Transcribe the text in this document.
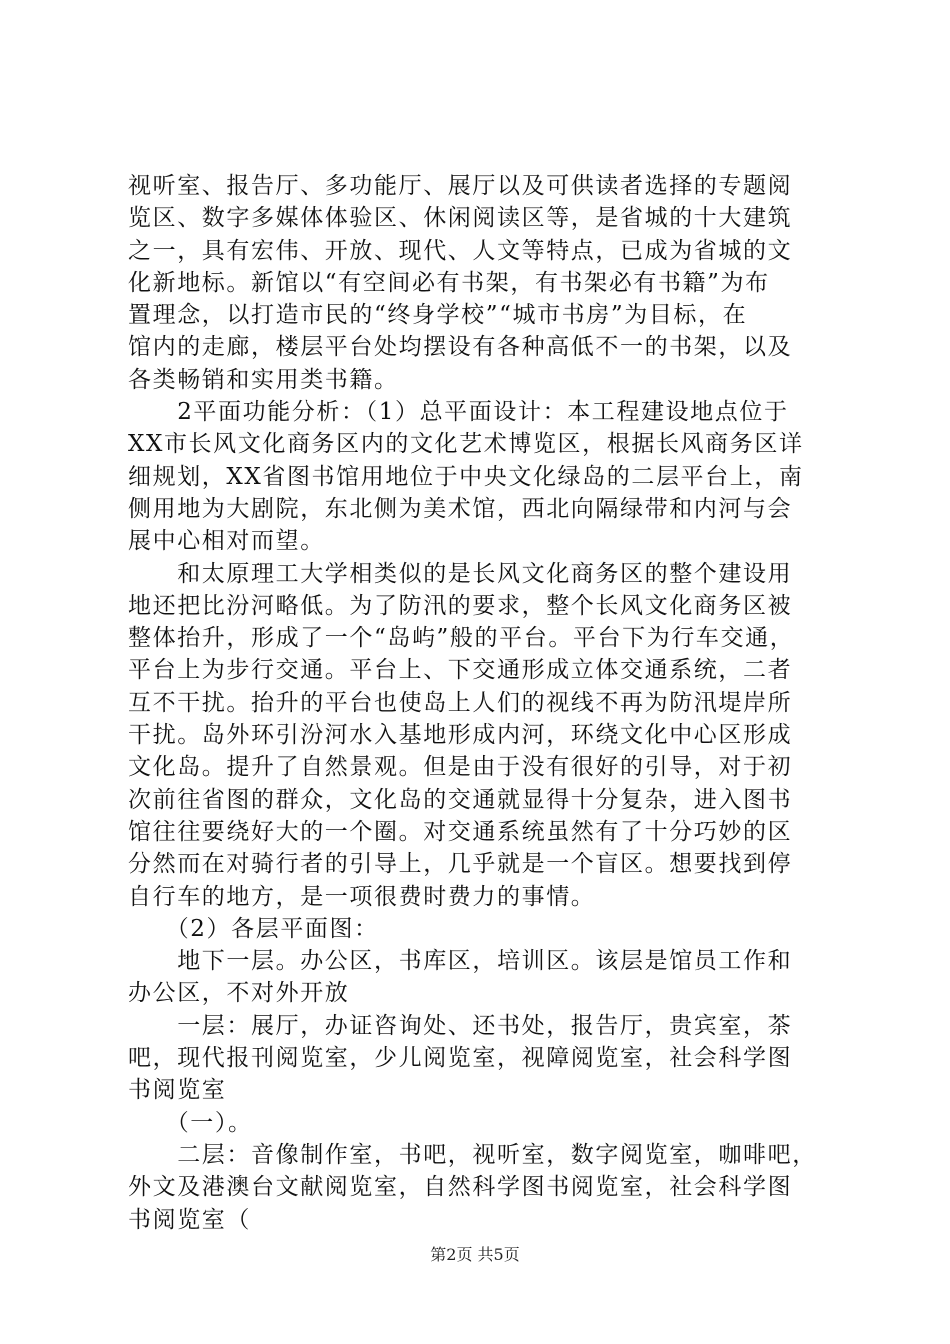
视听室、报告厅、多功能厅、展厅以及可供读者选择的专题阅
览区、数字多媒体体验区、休闲阅读区等，是省城的十大建筑
之一，具有宏伟、开放、现代、人文等特点，已成为省城的文
化新地标。新馆以“有空间必有书架，有书架必有书籍”为布
置理念，以打造市民的“终身学校”“城市书房”为目标，在
馆内的走廊，楼层平台处均摆设有各种高低不一的书架，以及
各类畅销和实用类书籍。
　　2平面功能分析：（1）总平面设计：本工程建设地点位于
XX市长风文化商务区内的文化艺术博览区，根据长风商务区详
细规划，XX省图书馆用地位于中央文化绿岛的二层平台上，南
侧用地为大剧院，东北侧为美术馆，西北向隔绿带和内河与会
展中心相对而望。
　　和太原理工大学相类似的是长风文化商务区的整个建设用
地还把比汾河略低。为了防汛的要求，整个长风文化商务区被
整体抬升，形成了一个“岛屿”般的平台。平台下为行车交通，
平台上为步行交通。平台上、下交通形成立体交通系统，二者
互不干扰。抬升的平台也使岛上人们的视线不再为防汛堤岸所
干扰。岛外环引汾河水入基地形成内河，环绕文化中心区形成
文化岛。提升了自然景观。但是由于没有很好的引导，对于初
次前往省图的群众，文化岛的交通就显得十分复杂，进入图书
馆往往要绕好大的一个圈。对交通系统虽然有了十分巧妙的区
分然而在对骑行者的引导上，几乎就是一个盲区。想要找到停
自行车的地方，是一项很费时费力的事情。
　　（2）各层平面图：
　　地下一层。办公区，书库区，培训区。该层是馆员工作和
办公区，不对外开放
　　一层：展厅，办证咨询处、还书处，报告厅，贵宾室，茶
吧，现代报刊阅览室，少儿阅览室，视障阅览室，社会科学图
书阅览室
　　（一）。
　　二层：音像制作室，书吧，视听室，数字阅览室，咖啡吧，
外文及港澳台文献阅览室，自然科学图书阅览室，社会科学图
书阅览室（
第2页 共5页
